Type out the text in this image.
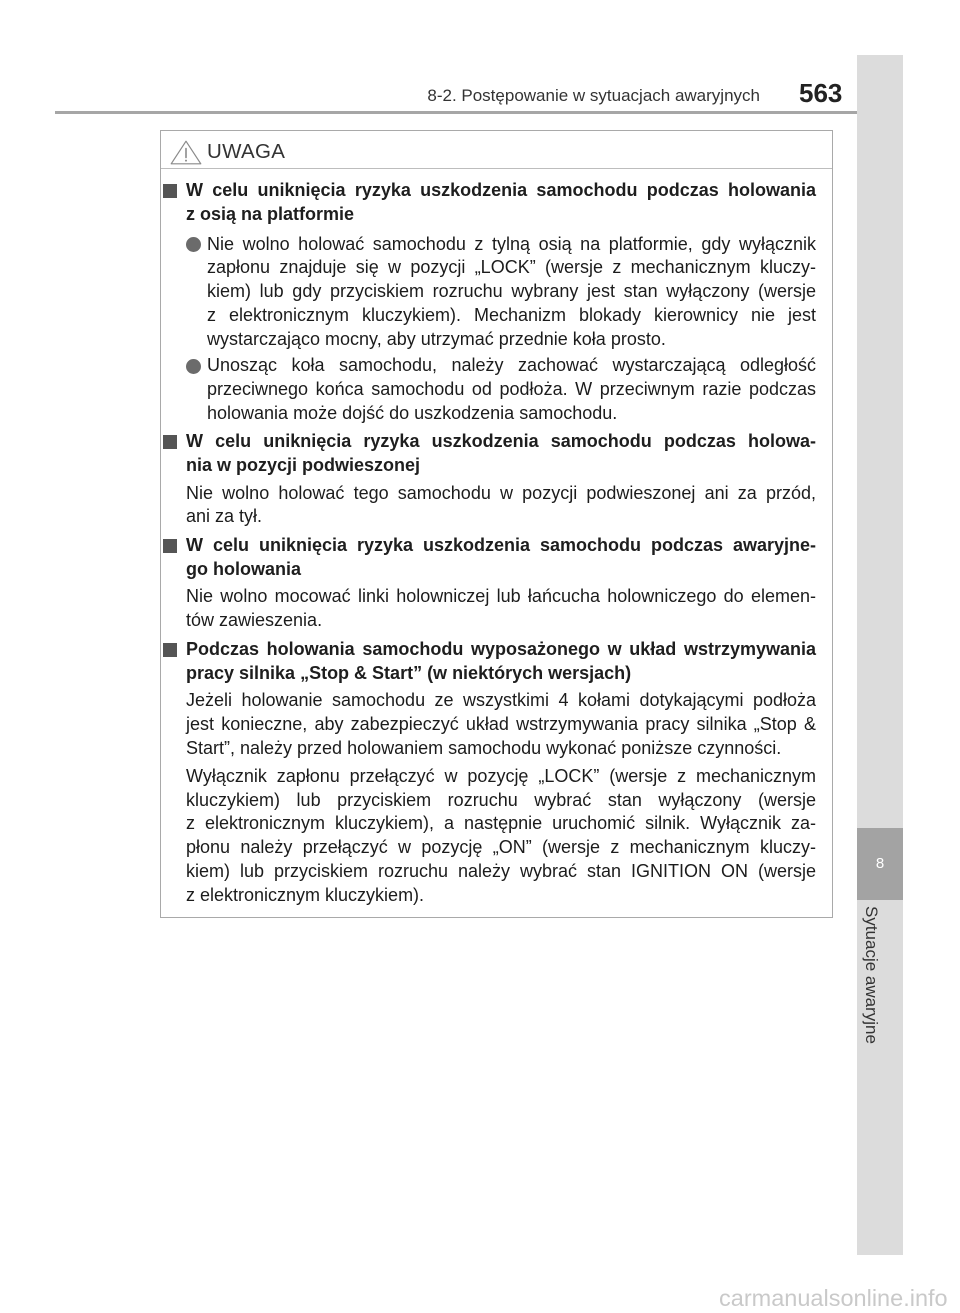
8-2. Postępowanie w sytuacjach awaryjnych 563
8
Sytuacje awaryjne
UWAGA
W celu uniknięcia ryzyka uszkodzenia samochodu podczas holowania
z osią na platformie
Nie wolno holować samochodu z tylną osią na platformie, gdy wyłącznik
zapłonu znajduje się w pozycji „LOCK” (wersje z mechanicznym kluczy-
kiem) lub gdy przyciskiem rozruchu wybrany jest stan wyłączony (wersje
z elektronicznym kluczykiem). Mechanizm blokady kierownicy nie jest
wystarczająco mocny, aby utrzymać przednie koła prosto.
Unosząc koła samochodu, należy zachować wystarczającą odległość
przeciwnego końca samochodu od podłoża. W przeciwnym razie podczas
holowania może dojść do uszkodzenia samochodu.
W celu uniknięcia ryzyka uszkodzenia samochodu podczas holowa-
nia w pozycji podwieszonej
Nie wolno holować tego samochodu w pozycji podwieszonej ani za przód,
ani za tył.
W celu uniknięcia ryzyka uszkodzenia samochodu podczas awaryjne-
go holowania
Nie wolno mocować linki holowniczej lub łańcucha holowniczego do elemen-
tów zawieszenia.
Podczas holowania samochodu wyposażonego w układ wstrzymywania
pracy silnika „Stop & Start” (w niektórych wersjach)
Jeżeli holowanie samochodu ze wszystkimi 4 kołami dotykającymi podłoża
jest konieczne, aby zabezpieczyć układ wstrzymywania pracy silnika „Stop &
Start”, należy przed holowaniem samochodu wykonać poniższe czynności.
Wyłącznik zapłonu przełączyć w pozycję „LOCK” (wersje z mechanicznym
kluczykiem) lub przyciskiem rozruchu wybrać stan wyłączony (wersje
z elektronicznym kluczykiem), a następnie uruchomić silnik. Wyłącznik za-
płonu należy przełączyć w pozycję „ON” (wersje z mechanicznym kluczy-
kiem) lub przyciskiem rozruchu należy wybrać stan IGNITION ON (wersje
z elektronicznym kluczykiem).
carmanualsonline.info
